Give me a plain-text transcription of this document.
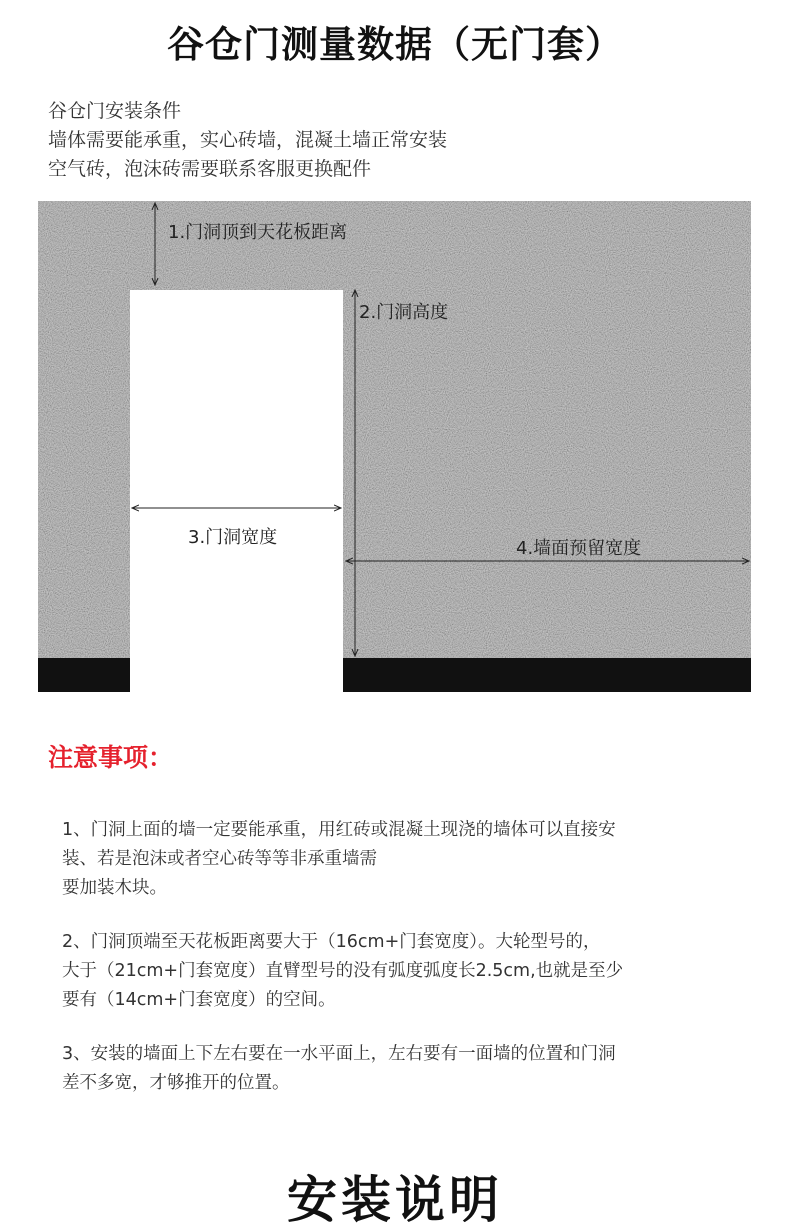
谷仓门测量数据（无门套）
谷仓门安装条件
墙体需要能承重，实心砖墙，混凝土墙正常安装
空气砖，泡沫砖需要联系客服更换配件
1.门洞顶到天花板距离
2.门洞高度
3.门洞宽度
4.墙面预留宽度
注意事项：
1、门洞上面的墙一定要能承重，用红砖或混凝土现浇的墙体可以直接安
装、若是泡沫或者空心砖等等非承重墙需
要加装木块。
2、门洞顶端至天花板距离要大于（16cm+门套宽度）。大轮型号的，
大于（21cm+门套宽度）直臂型号的没有弧度弧度长2.5cm,也就是至少
要有（14cm+门套宽度）的空间。
3、安装的墙面上下左右要在一水平面上，左右要有一面墙的位置和门洞
差不多宽，才够推开的位置。
安装说明
